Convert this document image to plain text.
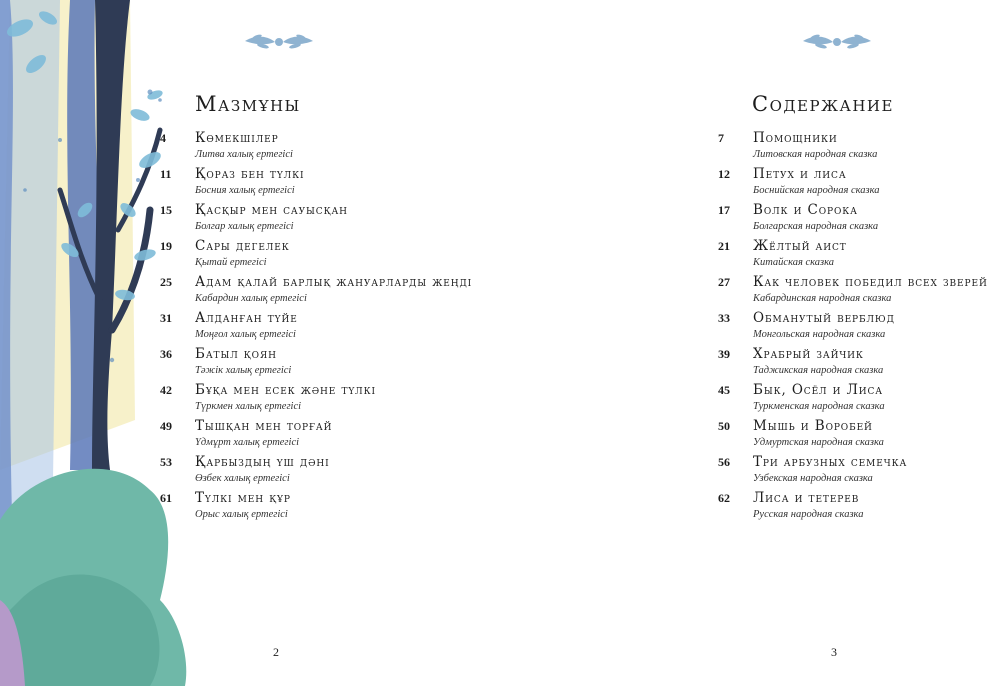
Мазмұны
4	Көмекшілер
Литва халық ертегісі
11	Қораз бен түлкі
Босния халық ертегісі
15	Қасқыр мен сауысқан
Болгар халық ертегісі
19	Сары дегелек
Қытай ертегісі
25	Адам қалай барлық жануарларды жеңді
Кабардин халық ертегісі
31	Алданған түйе
Моңғол халық ертегісі
36	Батыл қоян
Тәжік халық ертегісі
42	Бұқа мен есек және түлкі
Түркмен халық ертегісі
49	Тышқан мен торғай
Үдмұрт халық ертегісі
53	Қарбыздың үш дәні
Өзбек халық ертегісі
61	Түлкі мен құр
Орыс халық ертегісі
2
Содержание
7	Помощники
Литовская народная сказка
12	Петух и лиса
Боснийская народная сказка
17	Волк и Сорока
Болгарская народная сказка
21	Жёлтый аист
Китайская сказка
27	Как человек победил всех зверей
Кабардинская народная сказка
33	Обманутый верблюд
Монгольская народная сказка
39	Храбрый зайчик
Таджикская народная сказка
45	Бык, Осёл и Лиса
Туркменская народная сказка
50	Мышь и Воробей
Удмуртская народная сказка
56	Три арбузных семечка
Узбекская народная сказка
62	Лиса и тетерев
Русская народная сказка
3
